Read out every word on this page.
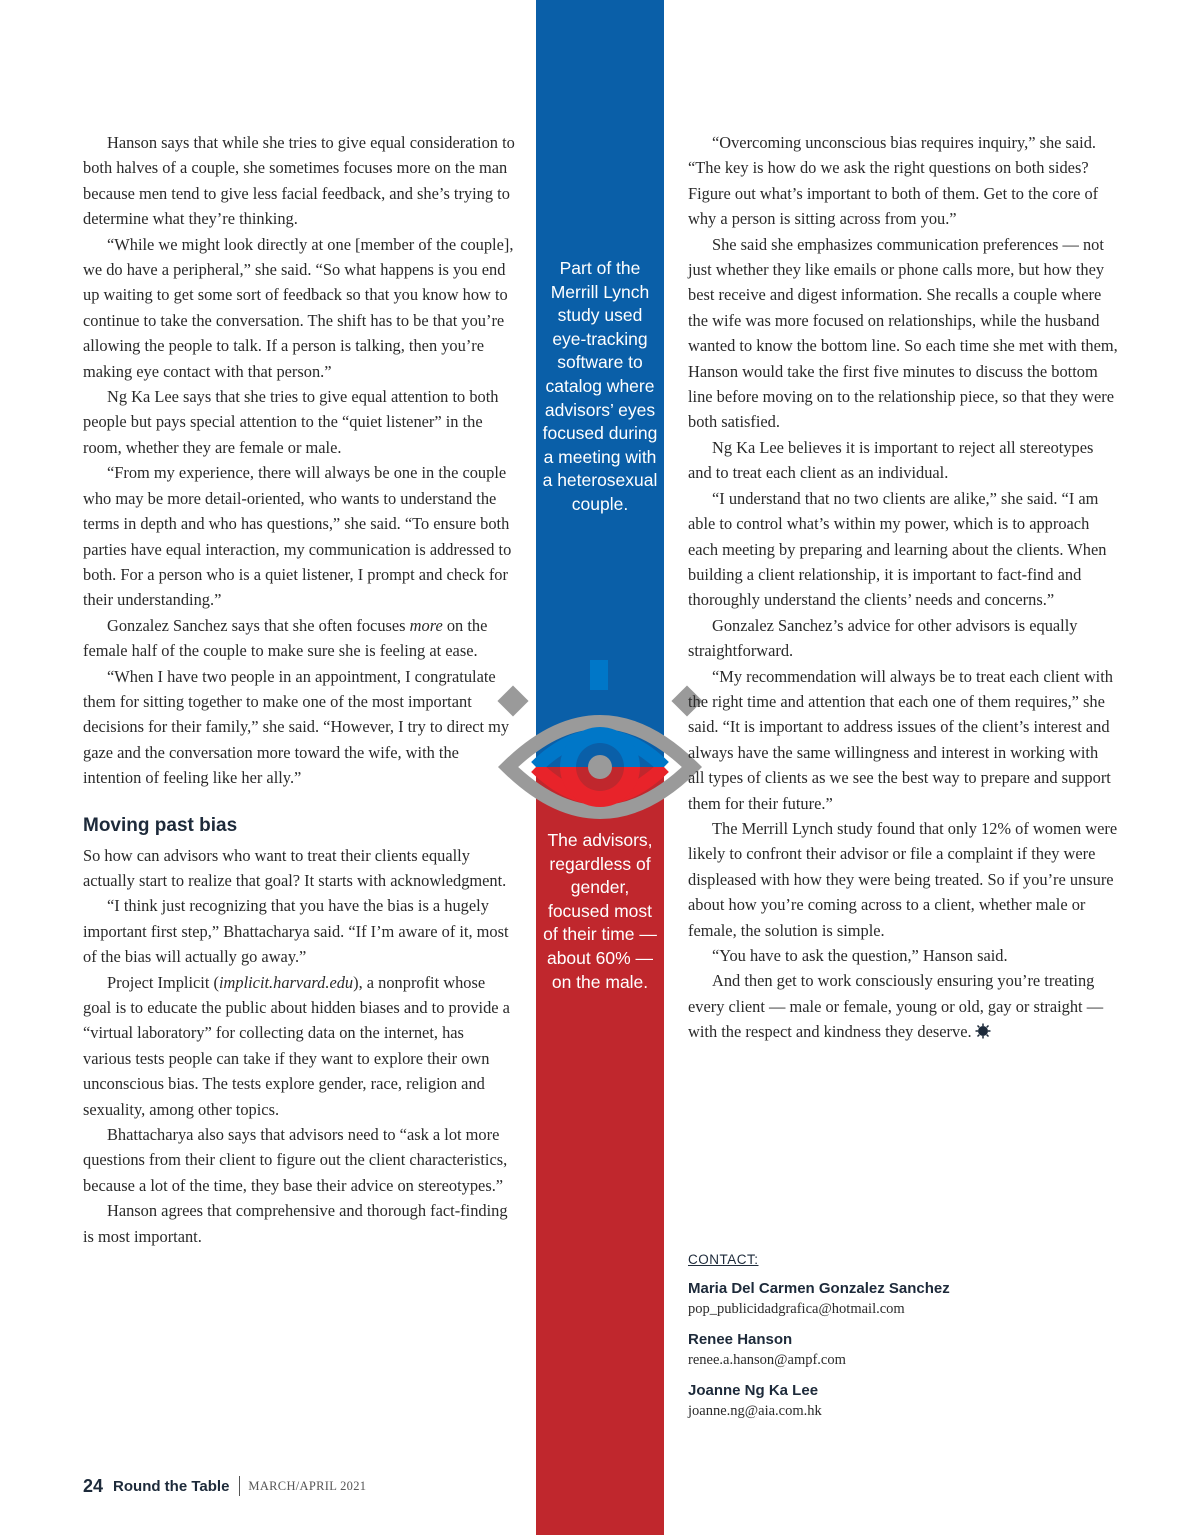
Hanson says that while she tries to give equal consideration to both halves of a couple, she sometimes focuses more on the man because men tend to give less facial feedback, and she’s trying to determine what they’re thinking.

“While we might look directly at one [member of the couple], we do have a peripheral,” she said. “So what happens is you end up waiting to get some sort of feedback so that you know how to continue to take the conversation. The shift has to be that you’re allowing the people to talk. If a person is talking, then you’re making eye contact with that person.”

Ng Ka Lee says that she tries to give equal attention to both people but pays special attention to the “quiet listener” in the room, whether they are female or male.

“From my experience, there will always be one in the couple who may be more detail-oriented, who wants to understand the terms in depth and who has questions,” she said. “To ensure both parties have equal interaction, my communication is addressed to both. For a person who is a quiet listener, I prompt and check for their understanding.”

Gonzalez Sanchez says that she often focuses more on the female half of the couple to make sure she is feeling at ease.

“When I have two people in an appointment, I congratulate them for sitting together to make one of the most important decisions for their family,” she said. “However, I try to direct my gaze and the conversation more toward the wife, with the intention of feeling like her ally.”

Moving past bias

So how can advisors who want to treat their clients equally actually start to realize that goal? It starts with acknowledgment.

“I think just recognizing that you have the bias is a hugely important first step,” Bhattacharya said. “If I’m aware of it, most of the bias will actually go away.”

Project Implicit (implicit.harvard.edu), a nonprofit whose goal is to educate the public about hidden biases and to provide a “virtual laboratory” for collecting data on the internet, has various tests people can take if they want to explore their own unconscious bias. The tests explore gender, race, religion and sexuality, among other topics.

Bhattacharya also says that advisors need to “ask a lot more questions from their client to figure out the client characteristics, because a lot of the time, they base their advice on stereotypes.”

Hanson agrees that comprehensive and thorough fact-finding is most important.

Part of the Merrill Lynch study used eye-tracking software to catalog where advisors’ eyes focused during a meeting with a heterosexual couple.
The advisors, regardless of gender, focused most of their time — about 60% — on the male.

“Overcoming unconscious bias requires inquiry,” she said. “The key is how do we ask the right questions on both sides? Figure out what’s important to both of them. Get to the core of why a person is sitting across from you.”

She said she emphasizes communication preferences — not just whether they like emails or phone calls more, but how they best receive and digest information. She recalls a couple where the wife was more focused on relationships, while the husband wanted to know the bottom line. So each time she met with them, Hanson would take the first five minutes to discuss the bottom line before moving on to the relationship piece, so that they were both satisfied.

Ng Ka Lee believes it is important to reject all stereotypes and to treat each client as an individual.

“I understand that no two clients are alike,” she said. “I am able to control what’s within my power, which is to approach each meeting by preparing and learning about the clients. When building a client relationship, it is important to fact-find and thoroughly understand the clients’ needs and concerns.”

Gonzalez Sanchez’s advice for other advisors is equally straightforward.

“My recommendation will always be to treat each client with the right time and attention that each one of them requires,” she said. “It is important to address issues of the client’s interest and always have the same willingness and interest in working with all types of clients as we see the best way to prepare and support them for their future.”

The Merrill Lynch study found that only 12% of women were likely to confront their advisor or file a complaint if they were displeased with how they were being treated. So if you’re unsure about how you’re coming across to a client, whether male or female, the solution is simple.

“You have to ask the question,” Hanson said.

And then get to work consciously ensuring you’re treating every client — male or female, young or old, gay or straight — with the respect and kindness they deserve.

CONTACT:
Maria Del Carmen Gonzalez Sanchez
pop_publicidadgrafica@hotmail.com
Renee Hanson
renee.a.hanson@ampf.com
Joanne Ng Ka Lee
joanne.ng@aia.com.hk
24 Round the Table MARCH/APRIL 2021
